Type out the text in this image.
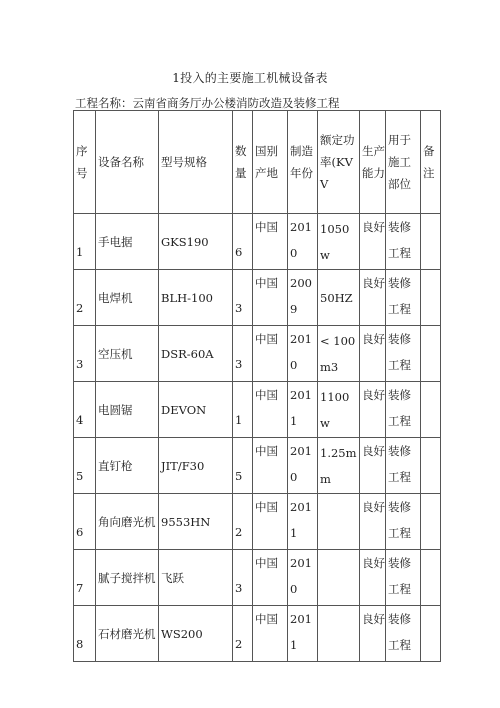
1投入的主要施工机械设备表
工程名称：云南省商务厅办公楼消防改造及装修工程
序号	设备名称	型号规格	数量	国别产地	制造年份	额定功率(KVV	生产能力	用于施工部位	备注
1	手电据	GKS190	6	中国	2010	1050w	良好	装修工程	
2	电焊机	BLH-100	3	中国	2009	50HZ	良好	装修工程	
3	空压机	DSR-60A	3	中国	2010	< 100m3	良好	装修工程	
4	电圆锯	DEVON	1	中国	2011	1100w	良好	装修工程	
5	直钉枪	JIT/F30	5	中国	2010	1.25mm	良好	装修工程	
6	角向磨光机	9553HN	2	中国	2011		良好	装修工程	
7	腻子搅拌机	飞跃	3	中国	2010		良好	装修工程	
8	石材磨光机	WS200	2	中国	2011		良好	装修工程	
